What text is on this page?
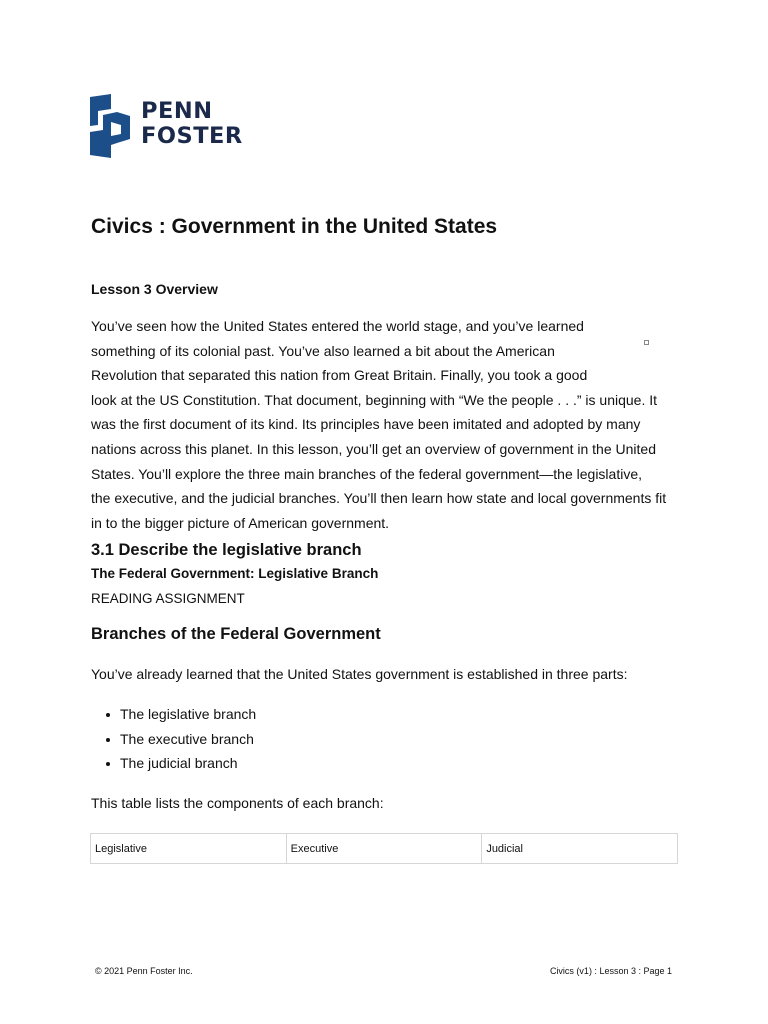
PENN
FOSTER
Civics : Government in the United States
Lesson 3 Overview

You’ve seen how the United States entered the world stage, and you’ve learned
something of its colonial past. You’ve also learned a bit about the American
Revolution that separated this nation from Great Britain. Finally, you took a good
look at the US Constitution. That document, beginning with “We the people . . .” is unique. It
was the first document of its kind. Its principles have been imitated and adopted by many
nations across this planet. In this lesson, you’ll get an overview of government in the United
States. You’ll explore the three main branches of the federal government—the legislative,
the executive, and the judicial branches. You’ll then learn how state and local governments fit
in to the bigger picture of American government.

3.1 Describe the legislative branch
The Federal Government: Legislative Branch

READING ASSIGNMENT

Branches of the Federal Government

You’ve already learned that the United States government is established in three parts:

The legislative branch
The executive branch
The judicial branch

This table lists the components of each branch:

Legislative	Executive	Judicial
© 2021 Penn Foster Inc.	Civics (v1) : Lesson 3 : Page 1
